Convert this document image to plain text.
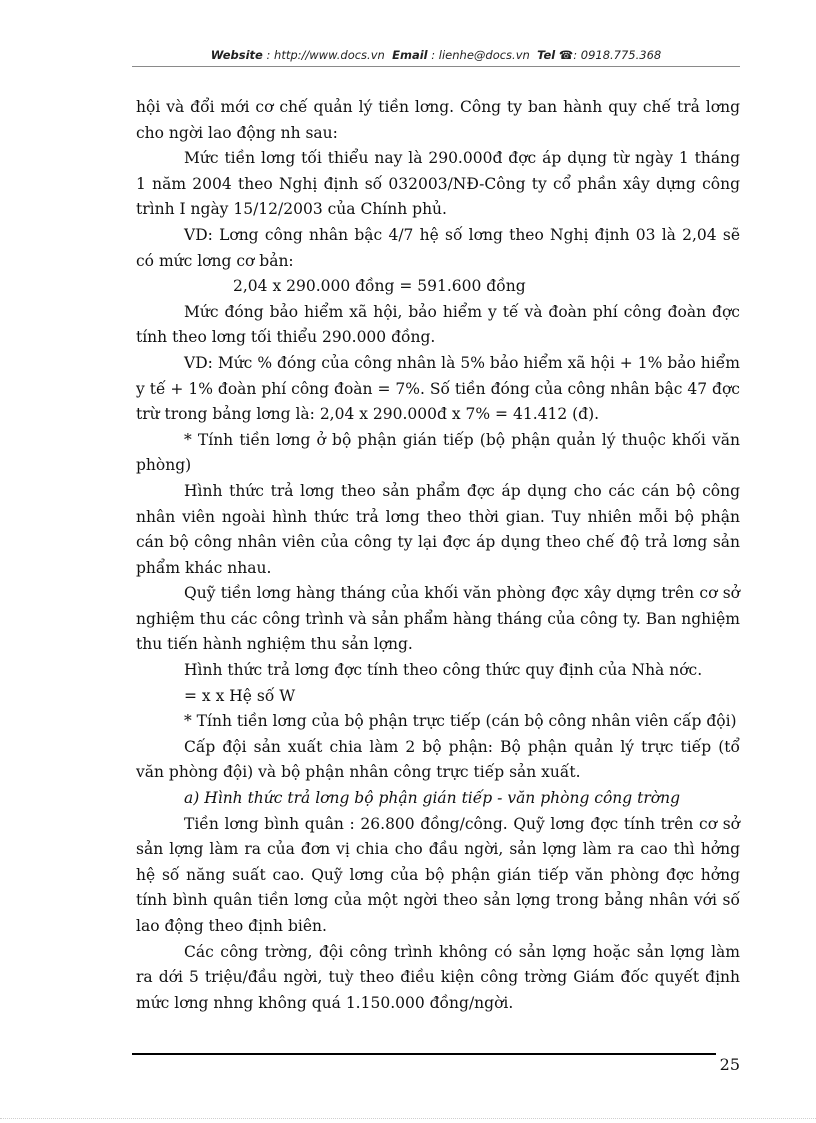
Website : http://www.docs.vn Email : lienhe@docs.vn Tel ☎: 0918.775.368

hội và đổi mới cơ chế quản lý tiền lơng. Công ty ban hành quy chế trả lơng cho ngời lao động nh sau:

Mức tiền lơng tối thiểu nay là 290.000đ đợc áp dụng từ ngày 1 tháng 1 năm 2004 theo Nghị định số 032003/NĐ-Công ty cổ phần xây dựng công trình I ngày 15/12/2003 của Chính phủ.

VD: Lơng công nhân bậc 4/7 hệ số lơng theo Nghị định 03 là 2,04 sẽ có mức lơng cơ bản:

2,04 x 290.000 đồng = 591.600 đồng

Mức đóng bảo hiểm xã hội, bảo hiểm y tế và đoàn phí công đoàn đợc tính theo lơng tối thiểu 290.000 đồng.

VD: Mức % đóng của công nhân là 5% bảo hiểm xã hội + 1% bảo hiểm y tế + 1% đoàn phí công đoàn = 7%. Số tiền đóng của công nhân bậc 47 đợc trừ trong bảng lơng là: 2,04 x 290.000đ x 7% = 41.412 (đ).

* Tính tiền lơng ở bộ phận gián tiếp (bộ phận quản lý thuộc khối văn phòng)

Hình thức trả lơng theo sản phẩm đợc áp dụng cho các cán bộ công nhân viên ngoài hình thức trả lơng theo thời gian. Tuy nhiên mỗi bộ phận cán bộ công nhân viên của công ty lại đợc áp dụng theo chế độ trả lơng sản phẩm khác nhau.

Quỹ tiền lơng hàng tháng của khối văn phòng đợc xây dựng trên cơ sở nghiệm thu các công trình và sản phẩm hàng tháng của công ty. Ban nghiệm thu tiến hành nghiệm thu sản lợng.

Hình thức trả lơng đợc tính theo công thức quy định của Nhà nớc.

= x x Hệ số W

* Tính tiền lơng của bộ phận trực tiếp (cán bộ công nhân viên cấp đội)

Cấp đội sản xuất chia làm 2 bộ phận: Bộ phận quản lý trực tiếp (tổ văn phòng đội) và bộ phận nhân công trực tiếp sản xuất.

a) Hình thức trả lơng bộ phận gián tiếp - văn phòng công trờng

Tiền lơng bình quân : 26.800 đồng/công. Quỹ lơng đợc tính trên cơ sở sản lợng làm ra của đơn vị chia cho đầu ngời, sản lợng làm ra cao thì hởng hệ số năng suất cao. Quỹ lơng của bộ phận gián tiếp văn phòng đợc hởng tính bình quân tiền lơng của một ngời theo sản lợng trong bảng nhân với số lao động theo định biên.

Các công trờng, đội công trình không có sản lợng hoặc sản lợng làm ra dới 5 triệu/đầu ngời, tuỳ theo điều kiện công trờng Giám đốc quyết định mức lơng nhng không quá 1.150.000 đồng/ngời.

25
